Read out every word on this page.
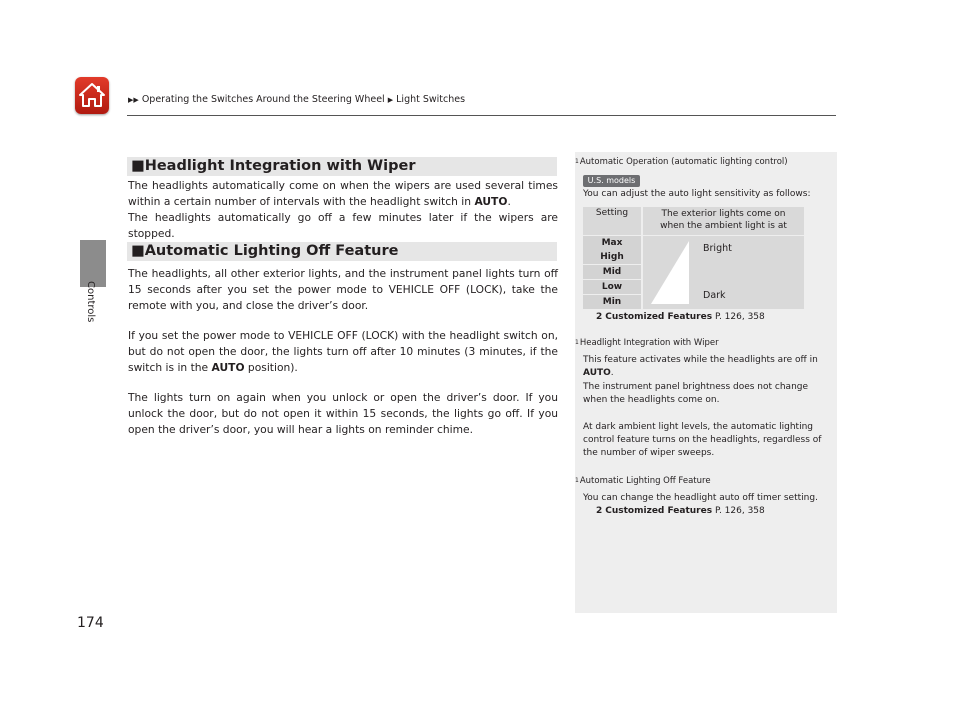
▶▶ Operating the Switches Around the Steering Wheel ▶ Light Switches
Controls
■Headlight Integration with Wiper
The headlights automatically come on when the wipers are used several times within a certain number of intervals with the headlight switch in AUTO.
The headlights automatically go off a few minutes later if the wipers are stopped.
■Automatic Lighting Off Feature
The headlights, all other exterior lights, and the instrument panel lights turn off 15 seconds after you set the power mode to VEHICLE OFF (LOCK), take the remote with you, and close the driver’s door.
If you set the power mode to VEHICLE OFF (LOCK) with the headlight switch on, but do not open the door, the lights turn off after 10 minutes (3 minutes, if the switch is in the AUTO position).
The lights turn on again when you unlock or open the driver’s door. If you unlock the door, but do not open it within 15 seconds, the lights go off. If you open the driver’s door, you will hear a lights on reminder chime.
$^1$Automatic Operation (automatic lighting control)
U.S. models
You can adjust the auto light sensitivity as follows:
Setting	The exterior lights come on when the ambient light is at
Max
High
Mid
Low
Min
Bright
Dark
2 Customized Features P. 126, 358
$^1$Headlight Integration with Wiper
This feature activates while the headlights are off in AUTO.
The instrument panel brightness does not change when the headlights come on.
At dark ambient light levels, the automatic lighting control feature turns on the headlights, regardless of the number of wiper sweeps.
$^1$Automatic Lighting Off Feature
You can change the headlight auto off timer setting.
2 Customized Features P. 126, 358
174
